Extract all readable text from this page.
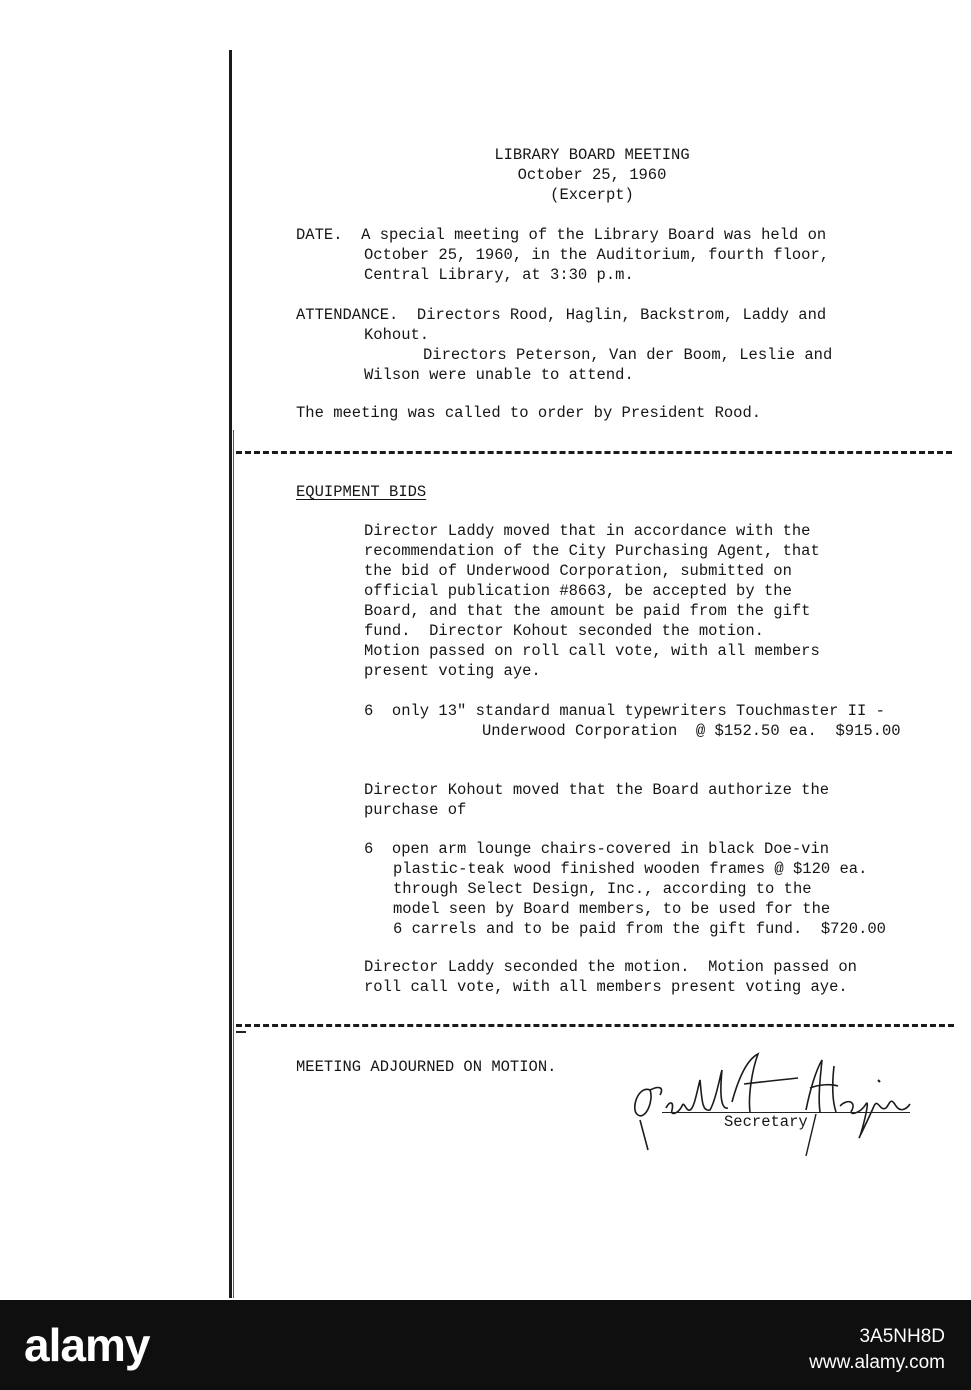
LIBRARY BOARD MEETING
October 25, 1960
(Excerpt)
DATE.  A special meeting of the Library Board was held on
October 25, 1960, in the Auditorium, fourth floor,
Central Library, at 3:30 p.m.
ATTENDANCE.  Directors Rood, Haglin, Backstrom, Laddy and
Kohout.
Directors Peterson, Van der Boom, Leslie and
Wilson were unable to attend.
The meeting was called to order by President Rood.
EQUIPMENT BIDS
Director Laddy moved that in accordance with the
recommendation of the City Purchasing Agent, that
the bid of Underwood Corporation, submitted on
official publication #8663, be accepted by the
Board, and that the amount be paid from the gift
fund.  Director Kohout seconded the motion.
Motion passed on roll call vote, with all members
present voting aye.
6  only 13" standard manual typewriters Touchmaster II -
Underwood Corporation  @ $152.50 ea.  $915.00
Director Kohout moved that the Board authorize the
purchase of
6  open arm lounge chairs-covered in black Doe-vin
plastic-teak wood finished wooden frames @ $120 ea.
through Select Design, Inc., according to the
model seen by Board members, to be used for the
6 carrels and to be paid from the gift fund.  $720.00
Director Laddy seconded the motion.  Motion passed on
roll call vote, with all members present voting aye.
MEETING ADJOURNED ON MOTION.
Secretary
alamy	3A5NH8D
www.alamy.com
